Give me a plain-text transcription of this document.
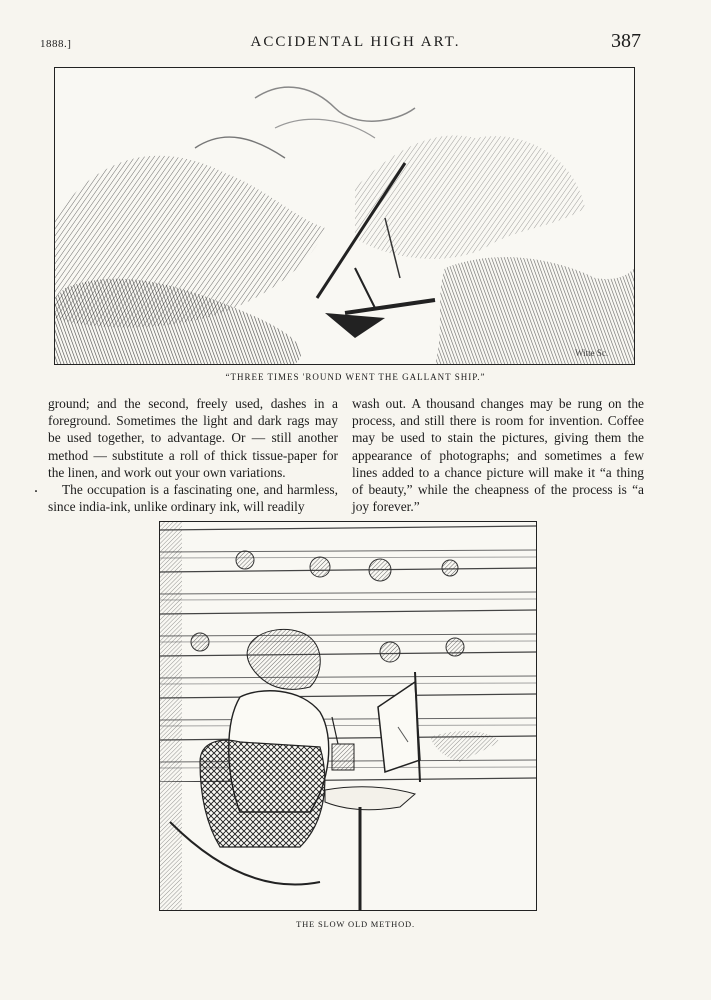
1888.]	ACCIDENTAL HIGH ART.	387
Witte Sc.
“THREE TIMES 'ROUND WENT THE GALLANT SHIP.”

ground; and the second, freely used, dashes in a foreground. Sometimes the light and dark rags may be used together, to advantage. Or — still another method — substitute a roll of thick tissue-paper for the linen, and work out your own variations.

The occupation is a fascinating one, and harmless, since india-ink, unlike ordinary ink, will readily

.

wash out. A thousand changes may be rung on the process, and still there is room for invention. Coffee may be used to stain the pictures, giving them the appearance of photographs; and sometimes a few lines added to a chance picture will make it “a thing of beauty,” while the cheapness of the process is “a joy forever.”

THE SLOW OLD METHOD.
